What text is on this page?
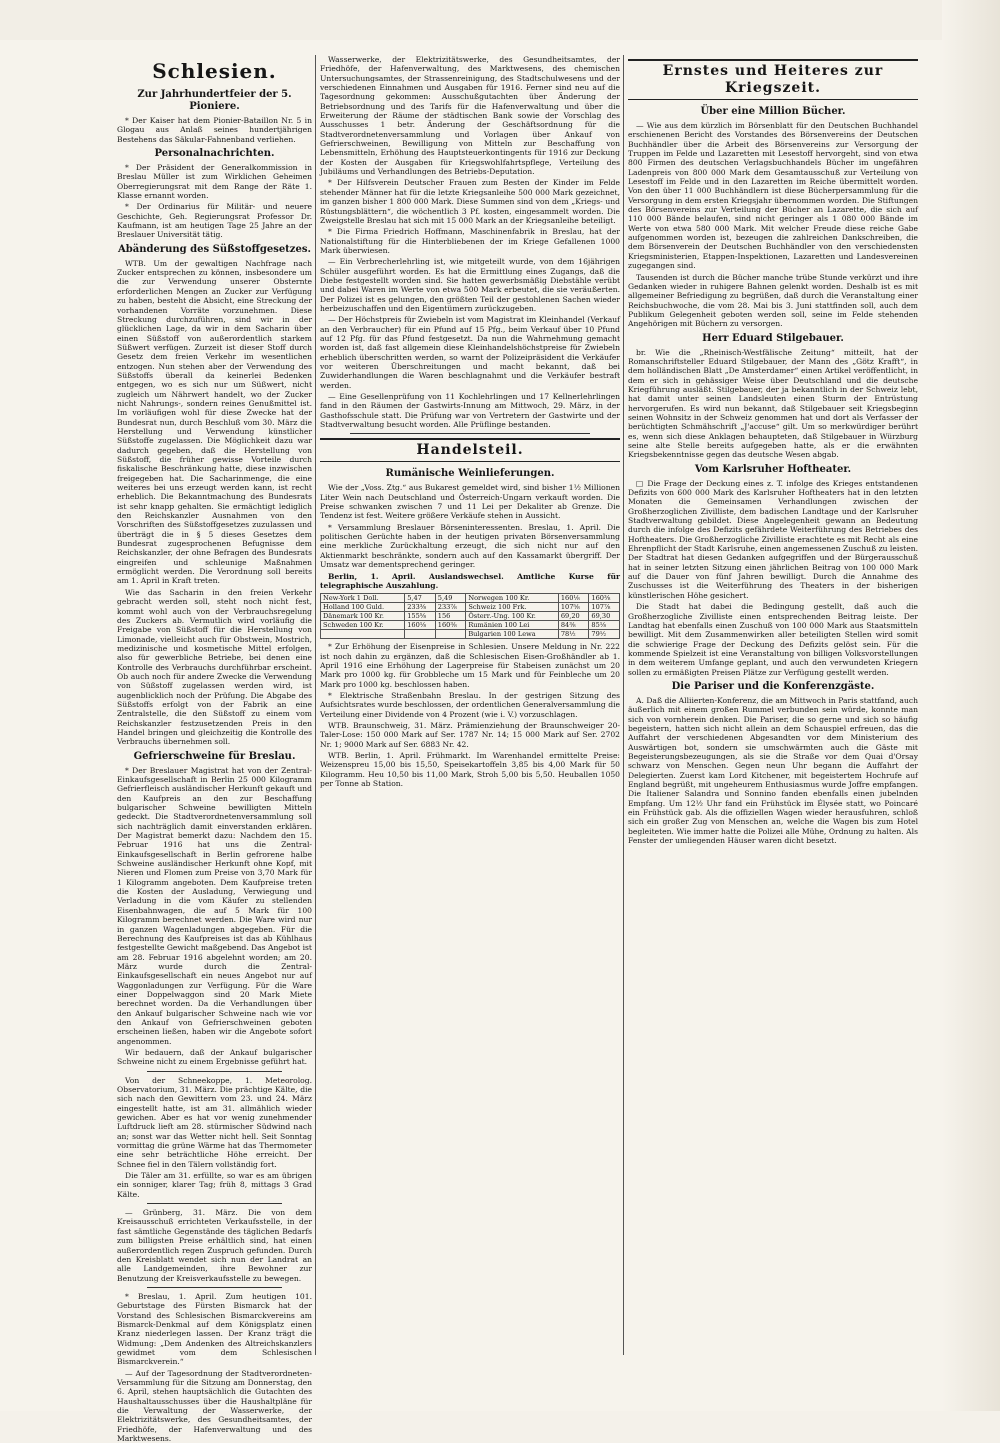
Schlesien.
Zur Jahrhundertfeier der 5. Pioniere.

* Der Kaiser hat dem Pionier-Bataillon Nr. 5 in Glogau aus Anlaß seines hundertjährigen Bestehens das Säkular-Fahnenband verliehen.

Personalnachrichten.

* Der Präsident der Generalkommission in Breslau Müller ist zum Wirklichen Geheimen Oberregierungsrat mit dem Range der Räte 1. Klasse ernannt worden.

* Der Ordinarius für Militär- und neuere Geschichte, Geh. Regierungsrat Professor Dr. Kaufmann, ist am heutigen Tage 25 Jahre an der Breslauer Universität tätig.

Abänderung des Süßstoffgesetzes.

WTB. Um der gewaltigen Nachfrage nach Zucker entsprechen zu können, insbesondere um die zur Verwendung unserer Obsternte erforderlichen Mengen an Zucker zur Verfügung zu haben, besteht die Absicht, eine Streckung der vorhandenen Vorräte vorzunehmen. Diese Streckung durchzuführen, sind wir in der glücklichen Lage, da wir in dem Sacharin über einen Süßstoff von außerordentlich starkem Süßwert verfügen. Zurzeit ist dieser Stoff durch Gesetz dem freien Verkehr im wesentlichen entzogen. Nun stehen aber der Verwendung des Süßstoffs überall da keinerlei Bedenken entgegen, wo es sich nur um Süßwert, nicht zugleich um Nährwert handelt, wo der Zucker nicht Nahrungs-, sondern reines Genußmittel ist. Im vorläufigen wohl für diese Zwecke hat der Bundesrat nun, durch Beschluß vom 30. März die Herstellung und Verwendung künstlicher Süßstoffe zugelassen. Die Möglichkeit dazu war dadurch gegeben, daß die Herstellung von Süßstoff, die früher gewisse Vorteile durch fiskalische Beschränkung hatte, diese inzwischen freigegeben hat. Die Sacharinmenge, die eine weiteres bei uns erzeugt werden kann, ist recht erheblich. Die Bekanntmachung des Bundesrats ist sehr knapp gehalten. Sie ermächtigt lediglich den Reichskanzler Ausnahmen von den Vorschriften des Süßstoffgesetzes zuzulassen und überträgt die in § 5 dieses Gesetzes dem Bundesrat zugesprochenen Befugnisse dem Reichskanzler, der ohne Befragen des Bundesrats eingreifen und schleunige Maßnahmen ermöglicht werden. Die Verordnung soll bereits am 1. April in Kraft treten.

Wie das Sacharin in den freien Verkehr gebracht werden soll, steht noch nicht fest, kommt wohl auch von der Verbrauchsregelung des Zuckers ab. Vermutlich wird vorläufig die Freigabe von Süßstoff für die Herstellung von Limonade, vielleicht auch für Obstwein, Mostrich, medizinische und kosmetische Mittel erfolgen, also für gewerbliche Betriebe, bei denen eine Kontrolle des Verbrauchs durchführbar erscheint. Ob auch noch für andere Zwecke die Verwendung von Süßstoff zugelassen werden wird, ist augenblicklich noch der Prüfung. Die Abgabe des Süßstoffs erfolgt von der Fabrik an eine Zentralstelle, die den Süßstoff zu einem vom Reichskanzler festzusetzenden Preis in den Handel bringen und gleichzeitig die Kontrolle des Verbrauchs übernehmen soll.

Gefrierschweine für Breslau.

* Der Breslauer Magistrat hat von der Zentral-Einkaufsgesellschaft in Berlin 25 000 Kilogramm Gefrierfleisch ausländischer Herkunft gekauft und den Kaufpreis an den zur Beschaffung bulgarischer Schweine bewilligten Mitteln gedeckt. Die Stadtverordnetenversammlung soll sich nachträglich damit einverstanden erklären. Der Magistrat bemerkt dazu: Nachdem den 15. Februar 1916 hat uns die Zentral-Einkaufsgesellschaft in Berlin gefrorene halbe Schweine ausländischer Herkunft ohne Kopf, mit Nieren und Flomen zum Preise von 3,70 Mark für 1 Kilogramm angeboten. Dem Kaufpreise treten die Kosten der Ausladung, Verwiegung und Verladung in die vom Käufer zu stellenden Eisenbahnwagen, die auf 5 Mark für 100 Kilogramm berechnet werden. Die Ware wird nur in ganzen Wagenladungen abgegeben. Für die Berechnung des Kaufpreises ist das ab Kühlhaus festgestellte Gewicht maßgebend. Das Angebot ist am 28. Februar 1916 abgelehnt worden; am 20. März wurde durch die Zentral-Einkaufsgesellschaft ein neues Angebot nur auf Waggonladungen zur Verfügung. Für die Ware einer Doppelwaggon sind 20 Mark Miete berechnet worden. Da die Verhandlungen über den Ankauf bulgarischer Schweine nach wie vor den Ankauf von Gefrierschweinen geboten erscheinen ließen, haben wir die Angebote sofort angenommen.

Wir bedauern, daß der Ankauf bulgarischer Schweine nicht zu einem Ergebnisse geführt hat.

Von der Schneekoppe, 1. Meteorolog. Observatorium, 31. März. Die prächtige Kälte, die sich nach den Gewittern vom 23. und 24. März eingestellt hatte, ist am 31. allmählich wieder gewichen. Aber es hat vor wenig zunehmender Luftdruck lieft am 28. stürmischer Südwind nach an; sonst war das Wetter nicht hell. Seit Sonntag vormittag die grüne Wärme hat das Thermometer eine sehr beträchtliche Höhe erreicht. Der Schnee fiel in den Tälern vollständig fort.

Die Täler am 31. erfüllte, so war es am übrigen ein sonniger, klarer Tag; früh 8, mittags 3 Grad Kälte.

— Grünberg, 31. März. Die von dem Kreisausschuß errichteten Verkaufsstelle, in der fast sämtliche Gegenstände des täglichen Bedarfs zum billigsten Preise erhältlich sind, hat einen außerordentlich regen Zuspruch gefunden. Durch den Kreisblatt wendet sich nun der Landrat an alle Landgemeinden, ihre Bewohner zur Benutzung der Kreisverkaufsstelle zu bewegen.

* Breslau, 1. April. Zum heutigen 101. Geburtstage des Fürsten Bismarck hat der Vorstand des Schlesischen Bismarckvereins am Bismarck-Denkmal auf dem Königsplatz einen Kranz niederlegen lassen. Der Kranz trägt die Widmung: „Dem Andenken des Altreichskanzlers gewidmet vom dem Schlesischen Bismarckverein.“

— Auf der Tagesordnung der Stadtverordneten-Versammlung für die Sitzung am Donnerstag, den 6. April, stehen hauptsächlich die Gutachten des Haushaltausschusses über die Haushaltpläne für die Verwaltung der Wasserwerke, der Elektrizitätswerke, des Gesundheitsamtes, der Friedhöfe, der Hafenverwaltung und des Marktwesens.

Wasserwerke, der Elektrizitätswerke, des Gesundheitsamtes, der Friedhöfe, der Hafenverwaltung, des Marktwesens, des chemischen Untersuchungsamtes, der Strassenreinigung, des Stadtschulwesens und der verschiedenen Einnahmen und Ausgaben für 1916. Ferner sind neu auf die Tagesordnung gekommen: Ausschußgutachten über Änderung der Betriebsordnung und des Tarifs für die Hafenverwaltung und über die Erweiterung der Räume der städtischen Bank sowie der Vorschlag des Ausschusses 1 betr. Änderung der Geschäftsordnung für die Stadtverordnetenversammlung und Vorlagen über Ankauf von Gefrierschweinen, Bewilligung von Mitteln zur Beschaffung von Lebensmitteln, Erhöhung des Hauptsteuerkontingents für 1916 zur Deckung der Kosten der Ausgaben für Kriegswohlfahrtspflege, Verteilung des Jubiläums und Verhandlungen des Betriebs-Deputation.

* Der Hilfsverein Deutscher Frauen zum Besten der Kinder im Felde stehender Männer hat für die letzte Kriegsanleihe 500 000 Mark gezeichnet, im ganzen bisher 1 800 000 Mark. Diese Summen sind von dem „Kriegs- und Rüstungsblättern“, die wöchentlich 3 Pf. kosten, eingesammelt worden. Die Zweigstelle Breslau hat sich mit 15 000 Mark an der Kriegsanleihe beteiligt.

* Die Firma Friedrich Hoffmann, Maschinenfabrik in Breslau, hat der Nationalstiftung für die Hinterbliebenen der im Kriege Gefallenen 1000 Mark überwiesen.

— Ein Verbrecherlehrling ist, wie mitgeteilt wurde, von dem 16jährigen Schüler ausgeführt worden. Es hat die Ermittlung eines Zugangs, daß die Diebe festgestellt worden sind. Sie hatten gewerbsmäßig Diebstähle verübt und dabei Waren im Werte von etwa 500 Mark erbeutet, die sie veräußerten. Der Polizei ist es gelungen, den größten Teil der gestohlenen Sachen wieder herbeizuschaffen und den Eigentümern zurückzugeben.

— Der Höchstpreis für Zwiebeln ist vom Magistrat im Kleinhandel (Verkauf an den Verbraucher) für ein Pfund auf 15 Pfg., beim Verkauf über 10 Pfund auf 12 Pfg. für das Pfund festgesetzt. Da nun die Wahrnehmung gemacht worden ist, daß fast allgemein diese Kleinhandelshöchstpreise für Zwiebeln erheblich überschritten werden, so warnt der Polizeipräsident die Verkäufer vor weiteren Überschreitungen und macht bekannt, daß bei Zuwiderhandlungen die Waren beschlagnahmt und die Verkäufer bestraft werden.

— Eine Gesellenprüfung von 11 Kochlehrlingen und 17 Kellnerlehrlingen fand in den Räumen der Gastwirts-Innung am Mittwoch, 29. März, in der Gasthofsschule statt. Die Prüfung war von Vertretern der Gastwirte und der Stadtverwaltung besucht worden. Alle Prüflinge bestanden.

Handelsteil.
Rumänische Weinlieferungen.

Wie der „Voss. Ztg.“ aus Bukarest gemeldet wird, sind bisher 1½ Millionen Liter Wein nach Deutschland und Österreich-Ungarn verkauft worden. Die Preise schwanken zwischen 7 und 11 Lei per Dekaliter ab Grenze. Die Tendenz ist fest. Weitere größere Verkäufe stehen in Aussicht.

* Versammlung Breslauer Börseninteressenten. Breslau, 1. April. Die politischen Gerüchte haben in der heutigen privaten Börsenversammlung eine merkliche Zurückhaltung erzeugt, die sich nicht nur auf den Aktienmarkt beschränkte, sondern auch auf den Kassamarkt übergriff. Der Umsatz war dementsprechend geringer.

Berlin, 1. April. Auslandswechsel. Amtliche Kurse für telegraphische Auszahlung.

New-York 1 Doll.	5,47	5,49	Norwegen 100 Kr.	160⅛	160⅜
Holland 100 Guld.	233⅜	233⅞	Schweiz 100 Frk.	107⅝	107⅞
Dänemark 100 Kr.	155⅝	156	Österr.-Ung. 100 Kr.	69,20	69,30
Schweden 100 Kr.	160⅛	160⅜	Rumänien 100 Lei	84⅜	85⅛
			Bulgarien 100 Lewa	78½	79½

* Zur Erhöhung der Eisenpreise in Schlesien. Unsere Meldung in Nr. 222 ist noch dahin zu ergänzen, daß die Schlesischen Eisen-Großhändler ab 1. April 1916 eine Erhöhung der Lagerpreise für Stabeisen zunächst um 20 Mark pro 1000 kg. für Grobbleche um 15 Mark und für Feinbleche um 20 Mark pro 1000 kg. beschlossen haben.

* Elektrische Straßenbahn Breslau. In der gestrigen Sitzung des Aufsichtsrates wurde beschlossen, der ordentlichen Generalversammlung die Verteilung einer Dividende von 4 Prozent (wie i. V.) vorzuschlagen.

WTB. Braunschweig, 31. März. Prämienziehung der Braunschweiger 20-Taler-Lose: 150 000 Mark auf Ser. 1787 Nr. 14; 15 000 Mark auf Ser. 2702 Nr. 1; 9000 Mark auf Ser. 6883 Nr. 42.

WTB. Berlin, 1. April. Frühmarkt. Im Warenhandel ermittelte Preise: Weizenspreu 15,00 bis 15,50, Speisekartoffeln 3,85 bis 4,00 Mark für 50 Kilogramm. Heu 10,50 bis 11,00 Mark, Stroh 5,00 bis 5,50. Heuballen 1050 per Tonne ab Station.

Ernstes und Heiteres zur Kriegszeit.
Über eine Million Bücher.

— Wie aus dem kürzlich im Börsenblatt für den Deutschen Buchhandel erschienenen Bericht des Vorstandes des Börsenvereins der Deutschen Buchhändler über die Arbeit des Börsenvereins zur Versorgung der Truppen im Felde und Lazaretten mit Lesestoff hervorgeht, sind von etwa 800 Firmen des deutschen Verlagsbuchhandels Bücher im ungefähren Ladenpreis von 800 000 Mark dem Gesamtausschuß zur Verteilung von Lesestoff im Felde und in den Lazaretten im Reiche übermittelt worden. Von den über 11 000 Buchhändlern ist diese Bücherpersammlung für die Versorgung in dem ersten Kriegsjahr übernommen worden. Die Stiftungen des Börsenvereins zur Verteilung der Bücher an Lazarette, die sich auf 110 000 Bände belaufen, sind nicht geringer als 1 080 000 Bände im Werte von etwa 580 000 Mark. Mit welcher Freude diese reiche Gabe aufgenommen worden ist, bezeugen die zahlreichen Dankschreiben, die dem Börsenverein der Deutschen Buchhändler von den verschiedensten Kriegsministerien, Etappen-Inspektionen, Lazaretten und Landesvereinen zugegangen sind.

Tausenden ist durch die Bücher manche trübe Stunde verkürzt und ihre Gedanken wieder in ruhigere Bahnen gelenkt worden. Deshalb ist es mit allgemeiner Befriedigung zu begrüßen, daß durch die Veranstaltung einer Reichsbuchwoche, die vom 28. Mai bis 3. Juni stattfinden soll, auch dem Publikum Gelegenheit geboten werden soll, seine im Felde stehenden Angehörigen mit Büchern zu versorgen.

Herr Eduard Stilgebauer.

br. Wie die „Rheinisch-Westfälische Zeitung“ mitteilt, hat der Romanschriftsteller Eduard Stilgebauer, der Mann des „Götz Krafft“, in dem holländischen Blatt „De Amsterdamer“ einen Artikel veröffentlicht, in dem er sich in gehässiger Weise über Deutschland und die deutsche Kriegführung ausläßt. Stilgebauer, der ja bekanntlich in der Schweiz lebt, hat damit unter seinen Landsleuten einen Sturm der Entrüstung hervorgerufen. Es wird nun bekannt, daß Stilgebauer seit Kriegsbeginn seinen Wohnsitz in der Schweiz genommen hat und dort als Verfasser der berüchtigten Schmähschrift „J'accuse“ gilt. Um so merkwürdiger berührt es, wenn sich diese Anklagen behaupteten, daß Stilgebauer in Würzburg seine alte Stelle bereits aufgegeben hatte, als er die erwähnten Kriegsbekenntnisse gegen das deutsche Wesen abgab.

Vom Karlsruher Hoftheater.

□ Die Frage der Deckung eines z. T. infolge des Krieges entstandenen Defizits von 600 000 Mark des Karlsruher Hoftheaters hat in den letzten Monaten die Gemeinsamen Verhandlungen zwischen der Großherzoglichen Zivilliste, dem badischen Landtage und der Karlsruher Stadtverwaltung gebildet. Diese Angelegenheit gewann an Bedeutung durch die infolge des Defizits gefährdete Weiterführung des Betriebes des Hoftheaters. Die Großherzogliche Zivilliste erachtete es mit Recht als eine Ehrenpflicht der Stadt Karlsruhe, einen angemessenen Zuschuß zu leisten. Der Stadtrat hat diesen Gedanken aufgegriffen und der Bürgerausschuß hat in seiner letzten Sitzung einen jährlichen Beitrag von 100 000 Mark auf die Dauer von fünf Jahren bewilligt. Durch die Annahme des Zuschusses ist die Weiterführung des Theaters in der bisherigen künstlerischen Höhe gesichert.

Die Stadt hat dabei die Bedingung gestellt, daß auch die Großherzogliche Zivilliste einen entsprechenden Beitrag leiste. Der Landtag hat ebenfalls einen Zuschuß von 100 000 Mark aus Staatsmitteln bewilligt. Mit dem Zusammenwirken aller beteiligten Stellen wird somit die schwierige Frage der Deckung des Defizits gelöst sein. Für die kommende Spielzeit ist eine Veranstaltung von billigen Volksvorstellungen in dem weiterem Umfange geplant, und auch den verwundeten Kriegern sollen zu ermäßigten Preisen Plätze zur Verfügung gestellt werden.

Die Pariser und die Konferenzgäste.

A. Daß die Alliierten-Konferenz, die am Mittwoch in Paris stattfand, auch äußerlich mit einem großen Rummel verbunden sein würde, konnte man sich von vornherein denken. Die Pariser, die so gerne und sich so häufig begeistern, hatten sich nicht allein an dem Schauspiel erfreuen, das die Auffahrt der verschiedenen Abgesandten vor dem Ministerium des Auswärtigen bot, sondern sie umschwärmten auch die Gäste mit Begeisterungsbezeugungen, als sie die Straße vor dem Quai d'Orsay schwarz von Menschen. Gegen neun Uhr begann die Auffahrt der Delegierten. Zuerst kam Lord Kitchener, mit begeistertem Hochrufe auf England begrüßt, mit ungeheurem Enthusiasmus wurde Joffre empfangen. Die Italiener Salandra und Sonnino fanden ebenfalls einen jubelnden Empfang. Um 12½ Uhr fand ein Frühstück im Élysée statt, wo Poincaré ein Frühstück gab. Als die offiziellen Wagen wieder herausfuhren, schloß sich ein großer Zug von Menschen an, welche die Wagen bis zum Hotel begleiteten. Wie immer hatte die Polizei alle Mühe, Ordnung zu halten. Als Fenster der umliegenden Häuser waren dicht besetzt.
